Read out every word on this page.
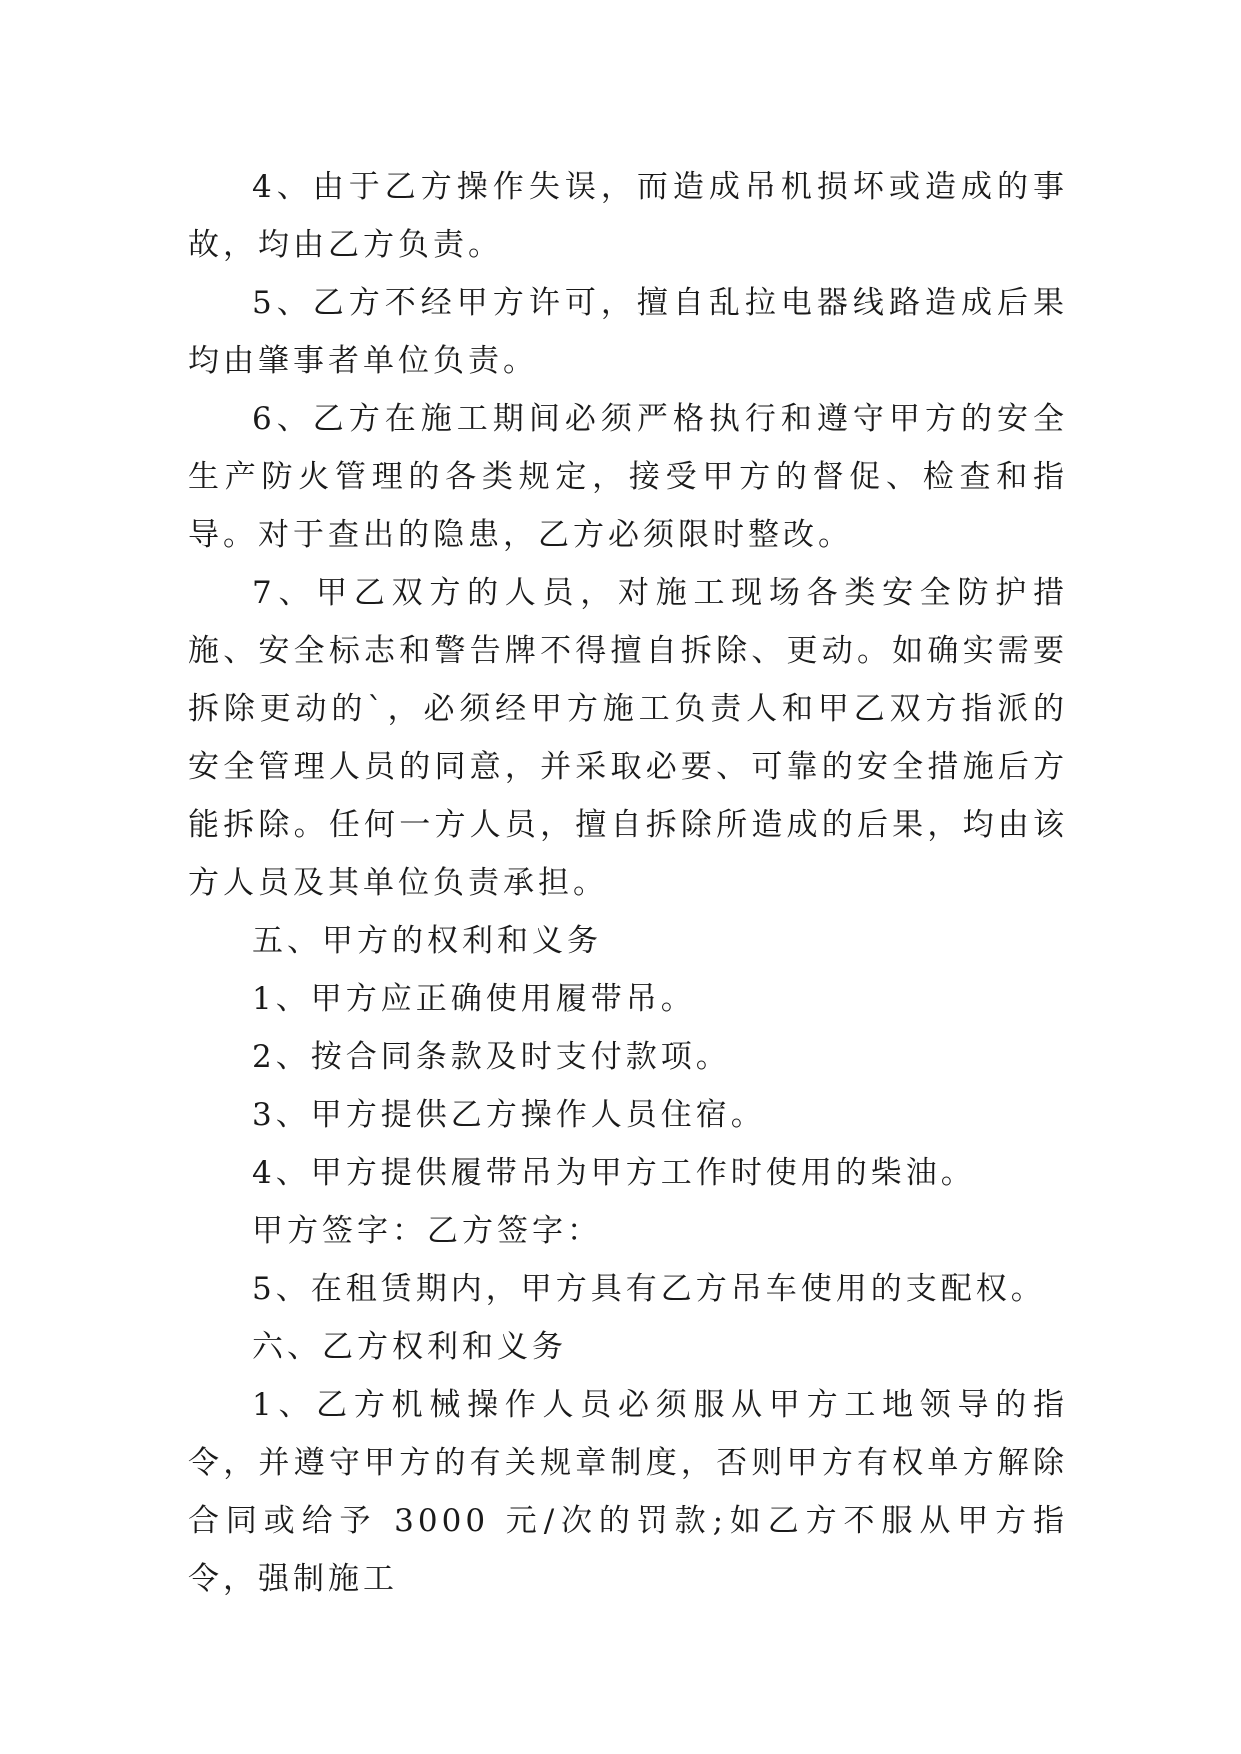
4、由于乙方操作失误，而造成吊机损坏或造成的事故，均由乙方负责。

5、乙方不经甲方许可，擅自乱拉电器线路造成后果均由肇事者单位负责。

6、乙方在施工期间必须严格执行和遵守甲方的安全生产防火管理的各类规定，接受甲方的督促、检查和指导。对于查出的隐患，乙方必须限时整改。

7、甲乙双方的人员，对施工现场各类安全防护措施、安全标志和警告牌不得擅自拆除、更动。如确实需要拆除更动的`，必须经甲方施工负责人和甲乙双方指派的安全管理人员的同意，并采取必要、可靠的安全措施后方能拆除。任何一方人员，擅自拆除所造成的后果，均由该方人员及其单位负责承担。

五、甲方的权利和义务

1、甲方应正确使用履带吊。

2、按合同条款及时支付款项。

3、甲方提供乙方操作人员住宿。

4、甲方提供履带吊为甲方工作时使用的柴油。

甲方签字：乙方签字：

5、在租赁期内，甲方具有乙方吊车使用的支配权。

六、乙方权利和义务

1、乙方机械操作人员必须服从甲方工地领导的指令，并遵守甲方的有关规章制度，否则甲方有权单方解除合同或给予 3000 元/次的罚款;如乙方不服从甲方指令，强制施工
